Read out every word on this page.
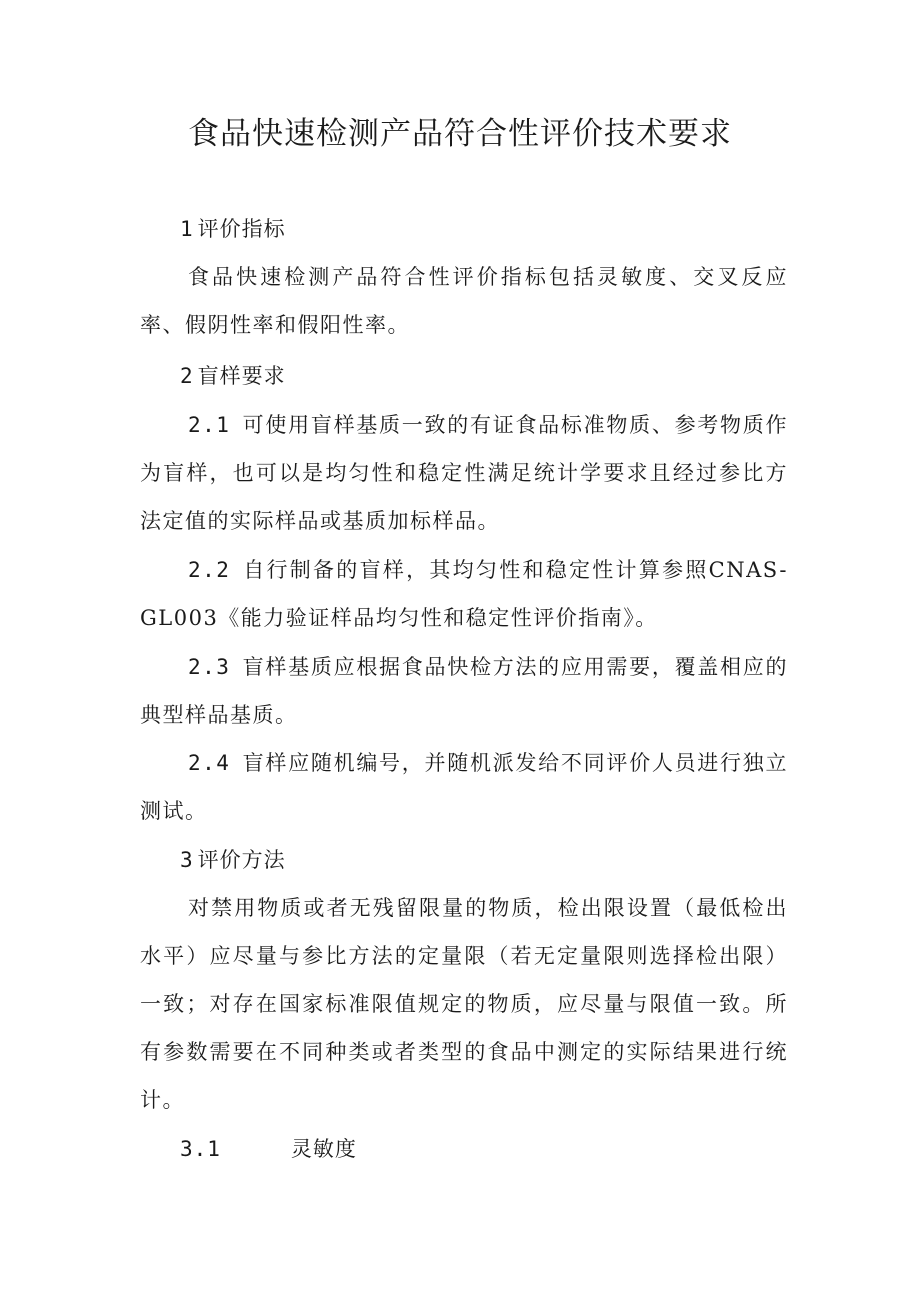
食品快速检测产品符合性评价技术要求

1 评价指标

食品快速检测产品符合性评价指标包括灵敏度、交叉反应率、假阴性率和假阳性率。

2 盲样要求

2.1 可使用盲样基质一致的有证食品标准物质、参考物质作为盲样，也可以是均匀性和稳定性满足统计学要求且经过参比方法定值的实际样品或基质加标样品。

2.2 自行制备的盲样，其均匀性和稳定性计算参照CNAS-GL003《能力验证样品均匀性和稳定性评价指南》。

2.3 盲样基质应根据食品快检方法的应用需要，覆盖相应的典型样品基质。

2.4 盲样应随机编号，并随机派发给不同评价人员进行独立测试。

3 评价方法

对禁用物质或者无残留限量的物质，检出限设置（最低检出水平）应尽量与参比方法的定量限（若无定量限则选择检出限）一致；对存在国家标准限值规定的物质，应尽量与限值一致。所有参数需要在不同种类或者类型的食品中测定的实际结果进行统计。

3.1	灵敏度
